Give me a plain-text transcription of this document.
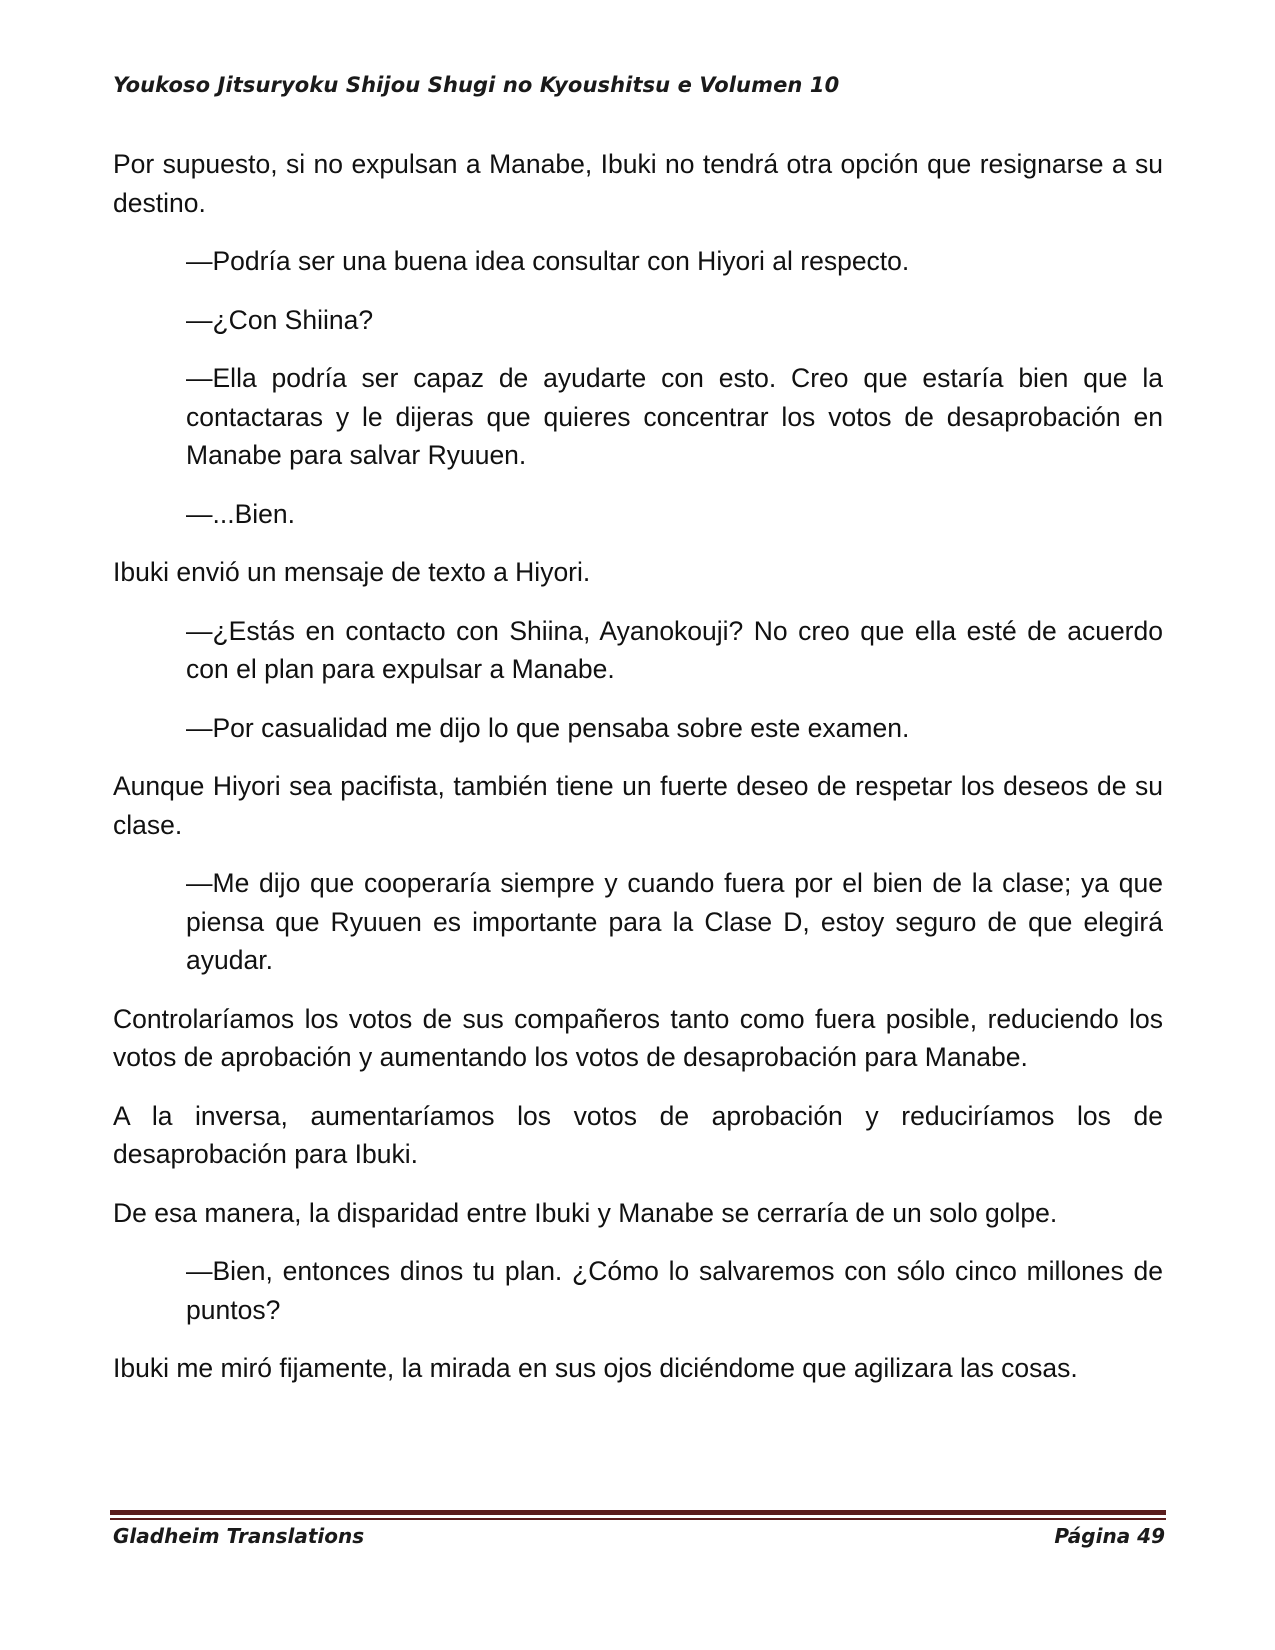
Youkoso Jitsuryoku Shijou Shugi no Kyoushitsu e Volumen 10

Por supuesto, si no expulsan a Manabe, Ibuki no tendrá otra opción que resignarse a su destino.

—Podría ser una buena idea consultar con Hiyori al respecto.

—¿Con Shiina?

—Ella podría ser capaz de ayudarte con esto. Creo que estaría bien que la contactaras y le dijeras que quieres concentrar los votos de desaprobación en Manabe para salvar Ryuuen.

—...Bien.

Ibuki envió un mensaje de texto a Hiyori.

—¿Estás en contacto con Shiina, Ayanokouji? No creo que ella esté de acuerdo con el plan para expulsar a Manabe.

—Por casualidad me dijo lo que pensaba sobre este examen.

Aunque Hiyori sea pacifista, también tiene un fuerte deseo de respetar los deseos de su clase.

—Me dijo que cooperaría siempre y cuando fuera por el bien de la clase; ya que piensa que Ryuuen es importante para la Clase D, estoy seguro de que elegirá ayudar.

Controlaríamos los votos de sus compañeros tanto como fuera posible, reduciendo los votos de aprobación y aumentando los votos de desaprobación para Manabe.

A la inversa, aumentaríamos los votos de aprobación y reduciríamos los de desaprobación para Ibuki.

De esa manera, la disparidad entre Ibuki y Manabe se cerraría de un solo golpe.

—Bien, entonces dinos tu plan. ¿Cómo lo salvaremos con sólo cinco millones de puntos?

Ibuki me miró fijamente, la mirada en sus ojos diciéndome que agilizara las cosas.

Gladheim Translations	Página 49
